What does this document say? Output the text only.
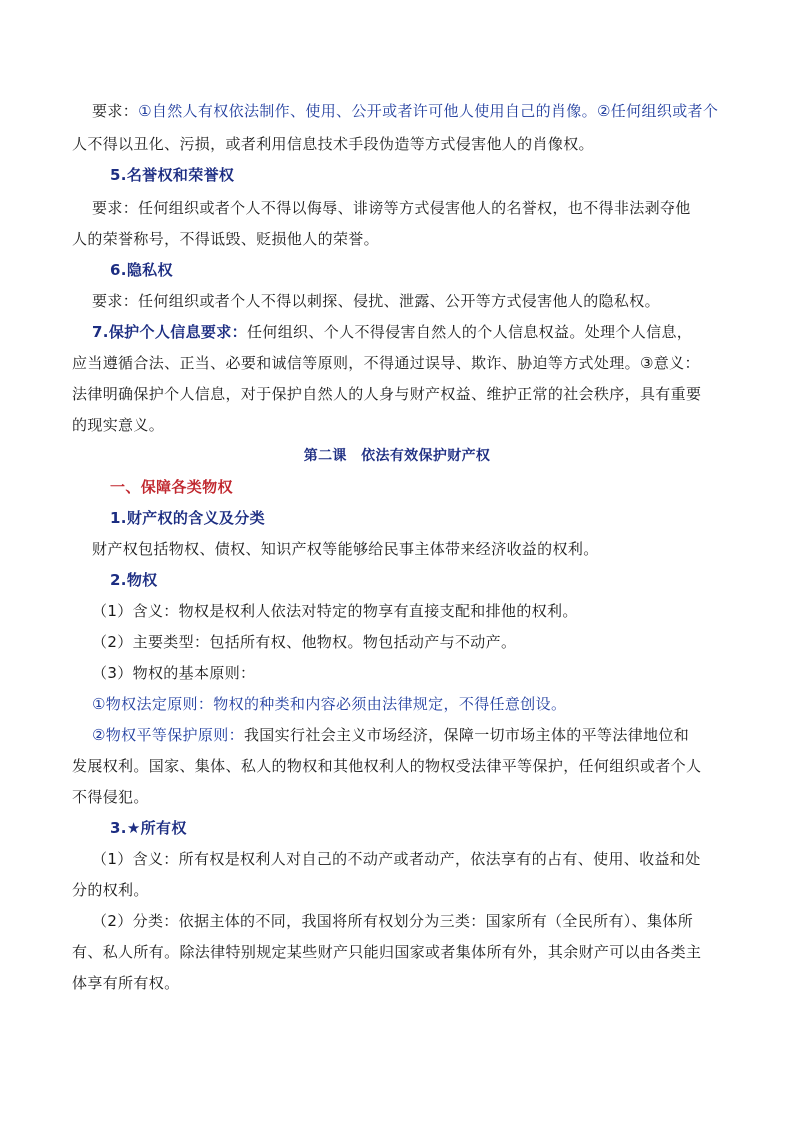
要求：①自然人有权依法制作、使用、公开或者许可他人使用自己的肖像。②任何组织或者个
人不得以丑化、污损，或者利用信息技术手段伪造等方式侵害他人的肖像权。
5.名誉权和荣誉权
要求：任何组织或者个人不得以侮辱、诽谤等方式侵害他人的名誉权，也不得非法剥夺他
人的荣誉称号，不得诋毁、贬损他人的荣誉。
6.隐私权
要求：任何组织或者个人不得以刺探、侵扰、泄露、公开等方式侵害他人的隐私权。
7.保护个人信息要求：任何组织、个人不得侵害自然人的个人信息权益。处理个人信息，
应当遵循合法、正当、必要和诚信等原则，不得通过误导、欺诈、胁迫等方式处理。③意义：
法律明确保护个人信息，对于保护自然人的人身与财产权益、维护正常的社会秩序，具有重要
的现实意义。
第二课　依法有效保护财产权
一、保障各类物权
1.财产权的含义及分类
财产权包括物权、债权、知识产权等能够给民事主体带来经济收益的权利。
2.物权
（1）含义：物权是权利人依法对特定的物享有直接支配和排他的权利。
（2）主要类型：包括所有权、他物权。物包括动产与不动产。
（3）物权的基本原则：
①物权法定原则：物权的种类和内容必须由法律规定，不得任意创设。
②物权平等保护原则：我国实行社会主义市场经济，保障一切市场主体的平等法律地位和
发展权利。国家、集体、私人的物权和其他权利人的物权受法律平等保护，任何组织或者个人
不得侵犯。
3.★所有权
（1）含义：所有权是权利人对自己的不动产或者动产，依法享有的占有、使用、收益和处
分的权利。
（2）分类：依据主体的不同，我国将所有权划分为三类：国家所有（全民所有）、集体所
有、私人所有。除法律特别规定某些财产只能归国家或者集体所有外，其余财产可以由各类主
体享有所有权。
